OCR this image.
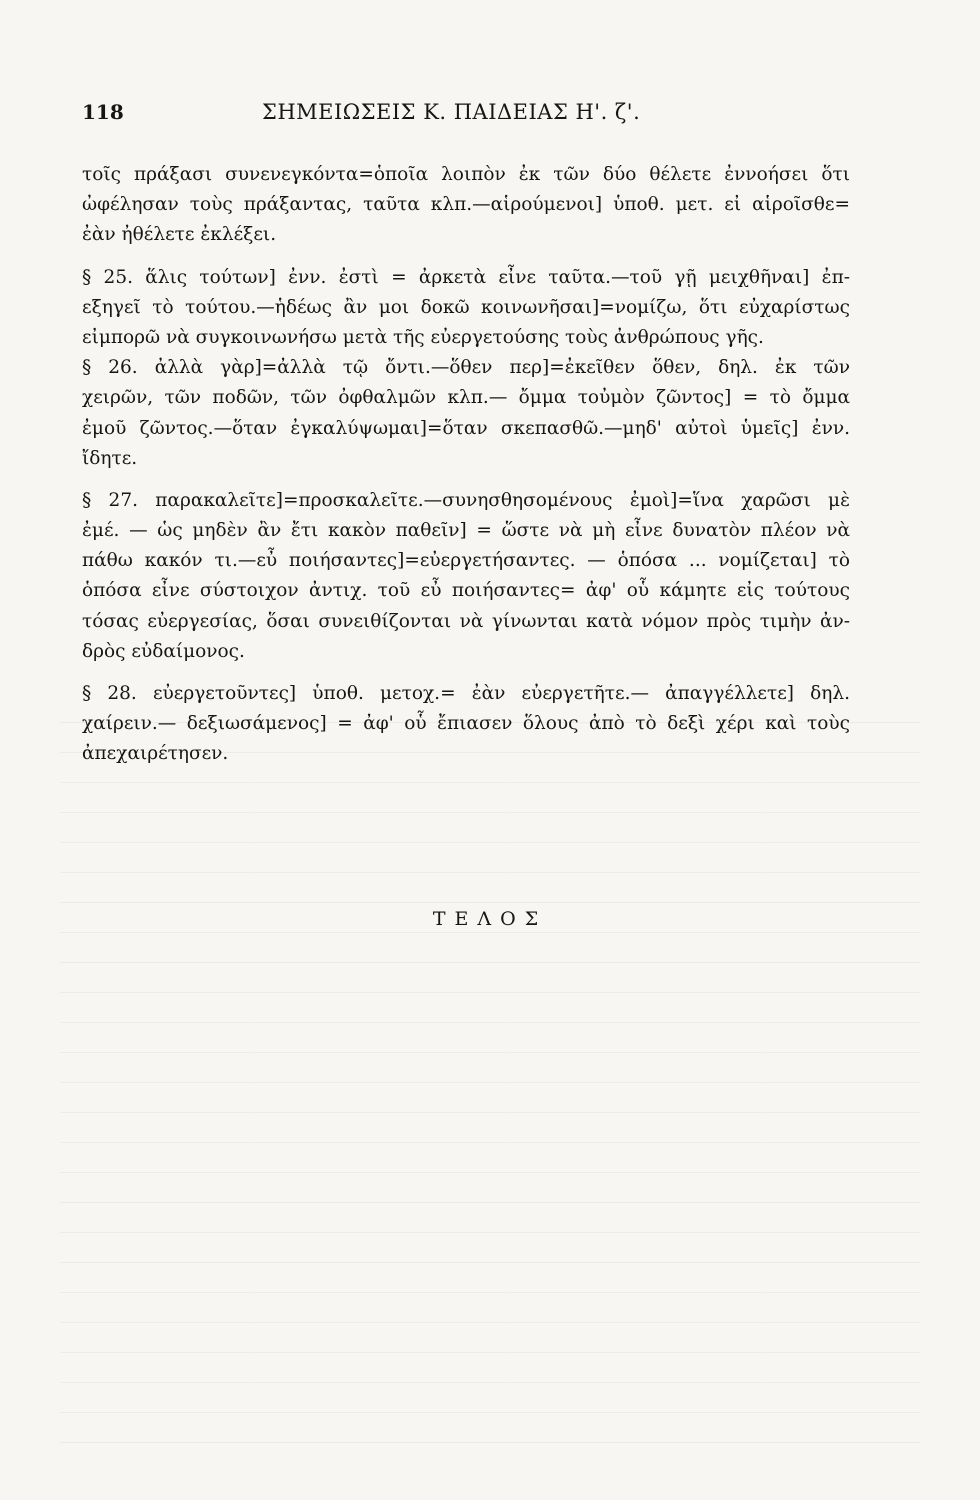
118	ΣΗΜΕΙΩΣΕΙΣ Κ. ΠΑΙΔΕΙΑΣ Η'. ζ'.
τοῖς πράξασι συνενεγκόντα=ὁποῖα λοιπὸν ἐκ τῶν δύο θέλετε ἐννοήσει ὅτι
ὠφέλησαν τοὺς πράξαντας, ταῦτα κλπ.—αἱρούμενοι] ὑποθ. μετ. εἰ αἱροῖσθε=
ἐὰν ἠθέλετε ἐκλέξει.
§ 25. ἅλις τούτων] ἐνν. ἐστὶ = ἀρκετὰ εἶνε ταῦτα.—τοῦ γῇ μειχθῆναι] ἐπ-
εξηγεῖ τὸ τούτου.—ἡδέως ἂν μοι δοκῶ κοινωνῆσαι]=νομίζω, ὅτι εὐχαρίστως
εἰμπορῶ νὰ συγκοινωνήσω μετὰ τῆς εὐεργετούσης τοὺς ἀνθρώπους γῆς.
§ 26. ἀλλὰ γὰρ]=ἀλλὰ τῷ ὄντι.—ὅθεν περ]=ἐκεῖθεν ὅθεν, δηλ. ἐκ τῶν
χειρῶν, τῶν ποδῶν, τῶν ὀφθαλμῶν κλπ.— ὄμμα τοὐμὸν ζῶντος] = τὸ ὄμμα
ἐμοῦ ζῶντος.—ὅταν ἐγκαλύψωμαι]=ὅταν σκεπασθῶ.—μηδ' αὐτοὶ ὑμεῖς] ἐνν.
ἴδητε.
§ 27. παρακαλεῖτε]=προσκαλεῖτε.—συνησθησομένους ἐμοὶ]=ἵνα χαρῶσι μὲ
ἐμέ. — ὡς μηδὲν ἂν ἔτι κακὸν παθεῖν] = ὥστε νὰ μὴ εἶνε δυνατὸν πλέον νὰ
πάθω κακόν τι.—εὖ ποιήσαντες]=εὐεργετήσαντες. — ὁπόσα ... νομίζεται] τὸ
ὁπόσα εἶνε σύστοιχον ἀντιχ. τοῦ εὖ ποιήσαντες= ἀφ' οὗ κάμητε εἰς τούτους
τόσας εὐεργεσίας, ὅσαι συνειθίζονται νὰ γίνωνται κατὰ νόμον πρὸς τιμὴν ἀν-
δρὸς εὐδαίμονος.
§ 28. εὐεργετοῦντες] ὑποθ. μετοχ.= ἐὰν εὐεργετῆτε.— ἀπαγγέλλετε] δηλ.
χαίρειν.— δεξιωσάμενος] = ἀφ' οὗ ἔπιασεν ὅλους ἀπὸ τὸ δεξὶ χέρι καὶ τοὺς
ἀπεχαιρέτησεν.
ΤΕΛΟΣ
